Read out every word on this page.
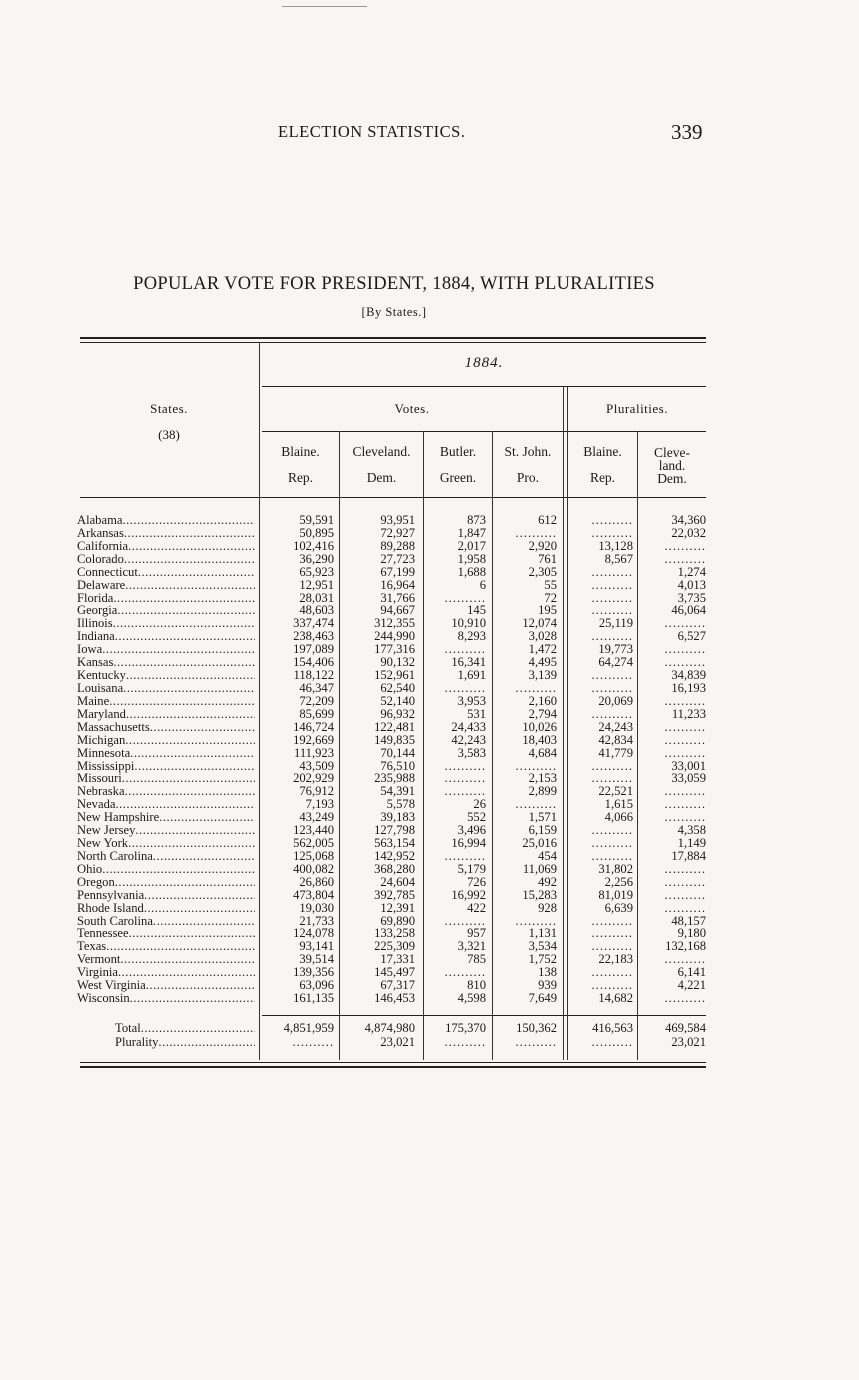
ELECTION STATISTICS.	339
POPULAR VOTE FOR PRESIDENT, 1884, WITH PLURALITIES
[By States.]
1884.
States.
(38)
Votes.	Pluralities.
Blaine.
Rep.
Cleveland.
Dem.
Butler.
Green.
St. John.
Pro.
Blaine.
Rep.
Cleve-
land.
Dem.
Alabama .....	59,591	93,951	873	612	..........	34,360
Arkansas .....	50,895	72,927	1,847	..........	..........	22,032
California .....	102,416	89,288	2,017	2,920	13,128	..........
Colorado .....	36,290	27,723	1,958	761	8,567	..........
Connecticut .....	65,923	67,199	1,688	2,305	..........	1,274
Delaware .....	12,951	16,964	6	55	..........	4,013
Florida .....	28,031	31,766	..........	72	..........	3,735
Georgia .....	48,603	94,667	145	195	..........	46,064
Illinois .....	337,474	312,355	10,910	12,074	25,119	..........
Indiana .....	238,463	244,990	8,293	3,028	..........	6,527
Iowa .....	197,089	177,316	..........	1,472	19,773	..........
Kansas .....	154,406	90,132	16,341	4,495	64,274	..........
Kentucky .....	118,122	152,961	1,691	3,139	..........	34,839
Louisana .....	46,347	62,540	..........	..........	..........	16,193
Maine .....	72,209	52,140	3,953	2,160	20,069	..........
Maryland .....	85,699	96,932	531	2,794	..........	11,233
Massachusetts .....	146,724	122,481	24,433	10,026	24,243	..........
Michigan .....	192,669	149,835	42,243	18,403	42,834	..........
Minnesota .....	111,923	70,144	3,583	4,684	41,779	..........
Mississippi .....	43,509	76,510	..........	..........	..........	33,001
Missouri .....	202,929	235,988	..........	2,153	..........	33,059
Nebraska .....	76,912	54,391	..........	2,899	22,521	..........
Nevada .....	7,193	5,578	26	..........	1,615	..........
New Hampshire .....	43,249	39,183	552	1,571	4,066	..........
New Jersey .....	123,440	127,798	3,496	6,159	..........	4,358
New York .....	562,005	563,154	16,994	25,016	..........	1,149
North Carolina .....	125,068	142,952	..........	454	..........	17,884
Ohio .....	400,082	368,280	5,179	11,069	31,802	..........
Oregon .....	26,860	24,604	726	492	2,256	..........
Pennsylvania .....	473,804	392,785	16,992	15,283	81,019	..........
Rhode Island .....	19,030	12,391	422	928	6,639	..........
South Carolina .....	21,733	69,890	..........	..........	..........	48,157
Tennessee .....	124,078	133,258	957	1,131	..........	9,180
Texas .....	93,141	225,309	3,321	3,534	..........	132,168
Vermont .....	39,514	17,331	785	1,752	22,183	..........
Virginia .....	139,356	145,497	..........	138	..........	6,141
West Virginia .....	63,096	67,317	810	939	..........	4,221
Wisconsin .....	161,135	146,453	4,598	7,649	14,682	..........
Total .....	4,851,959	4,874,980	175,370	150,362	416,563	469,584
Plurality .....	..........	23,021	..........	..........	..........	23,021
